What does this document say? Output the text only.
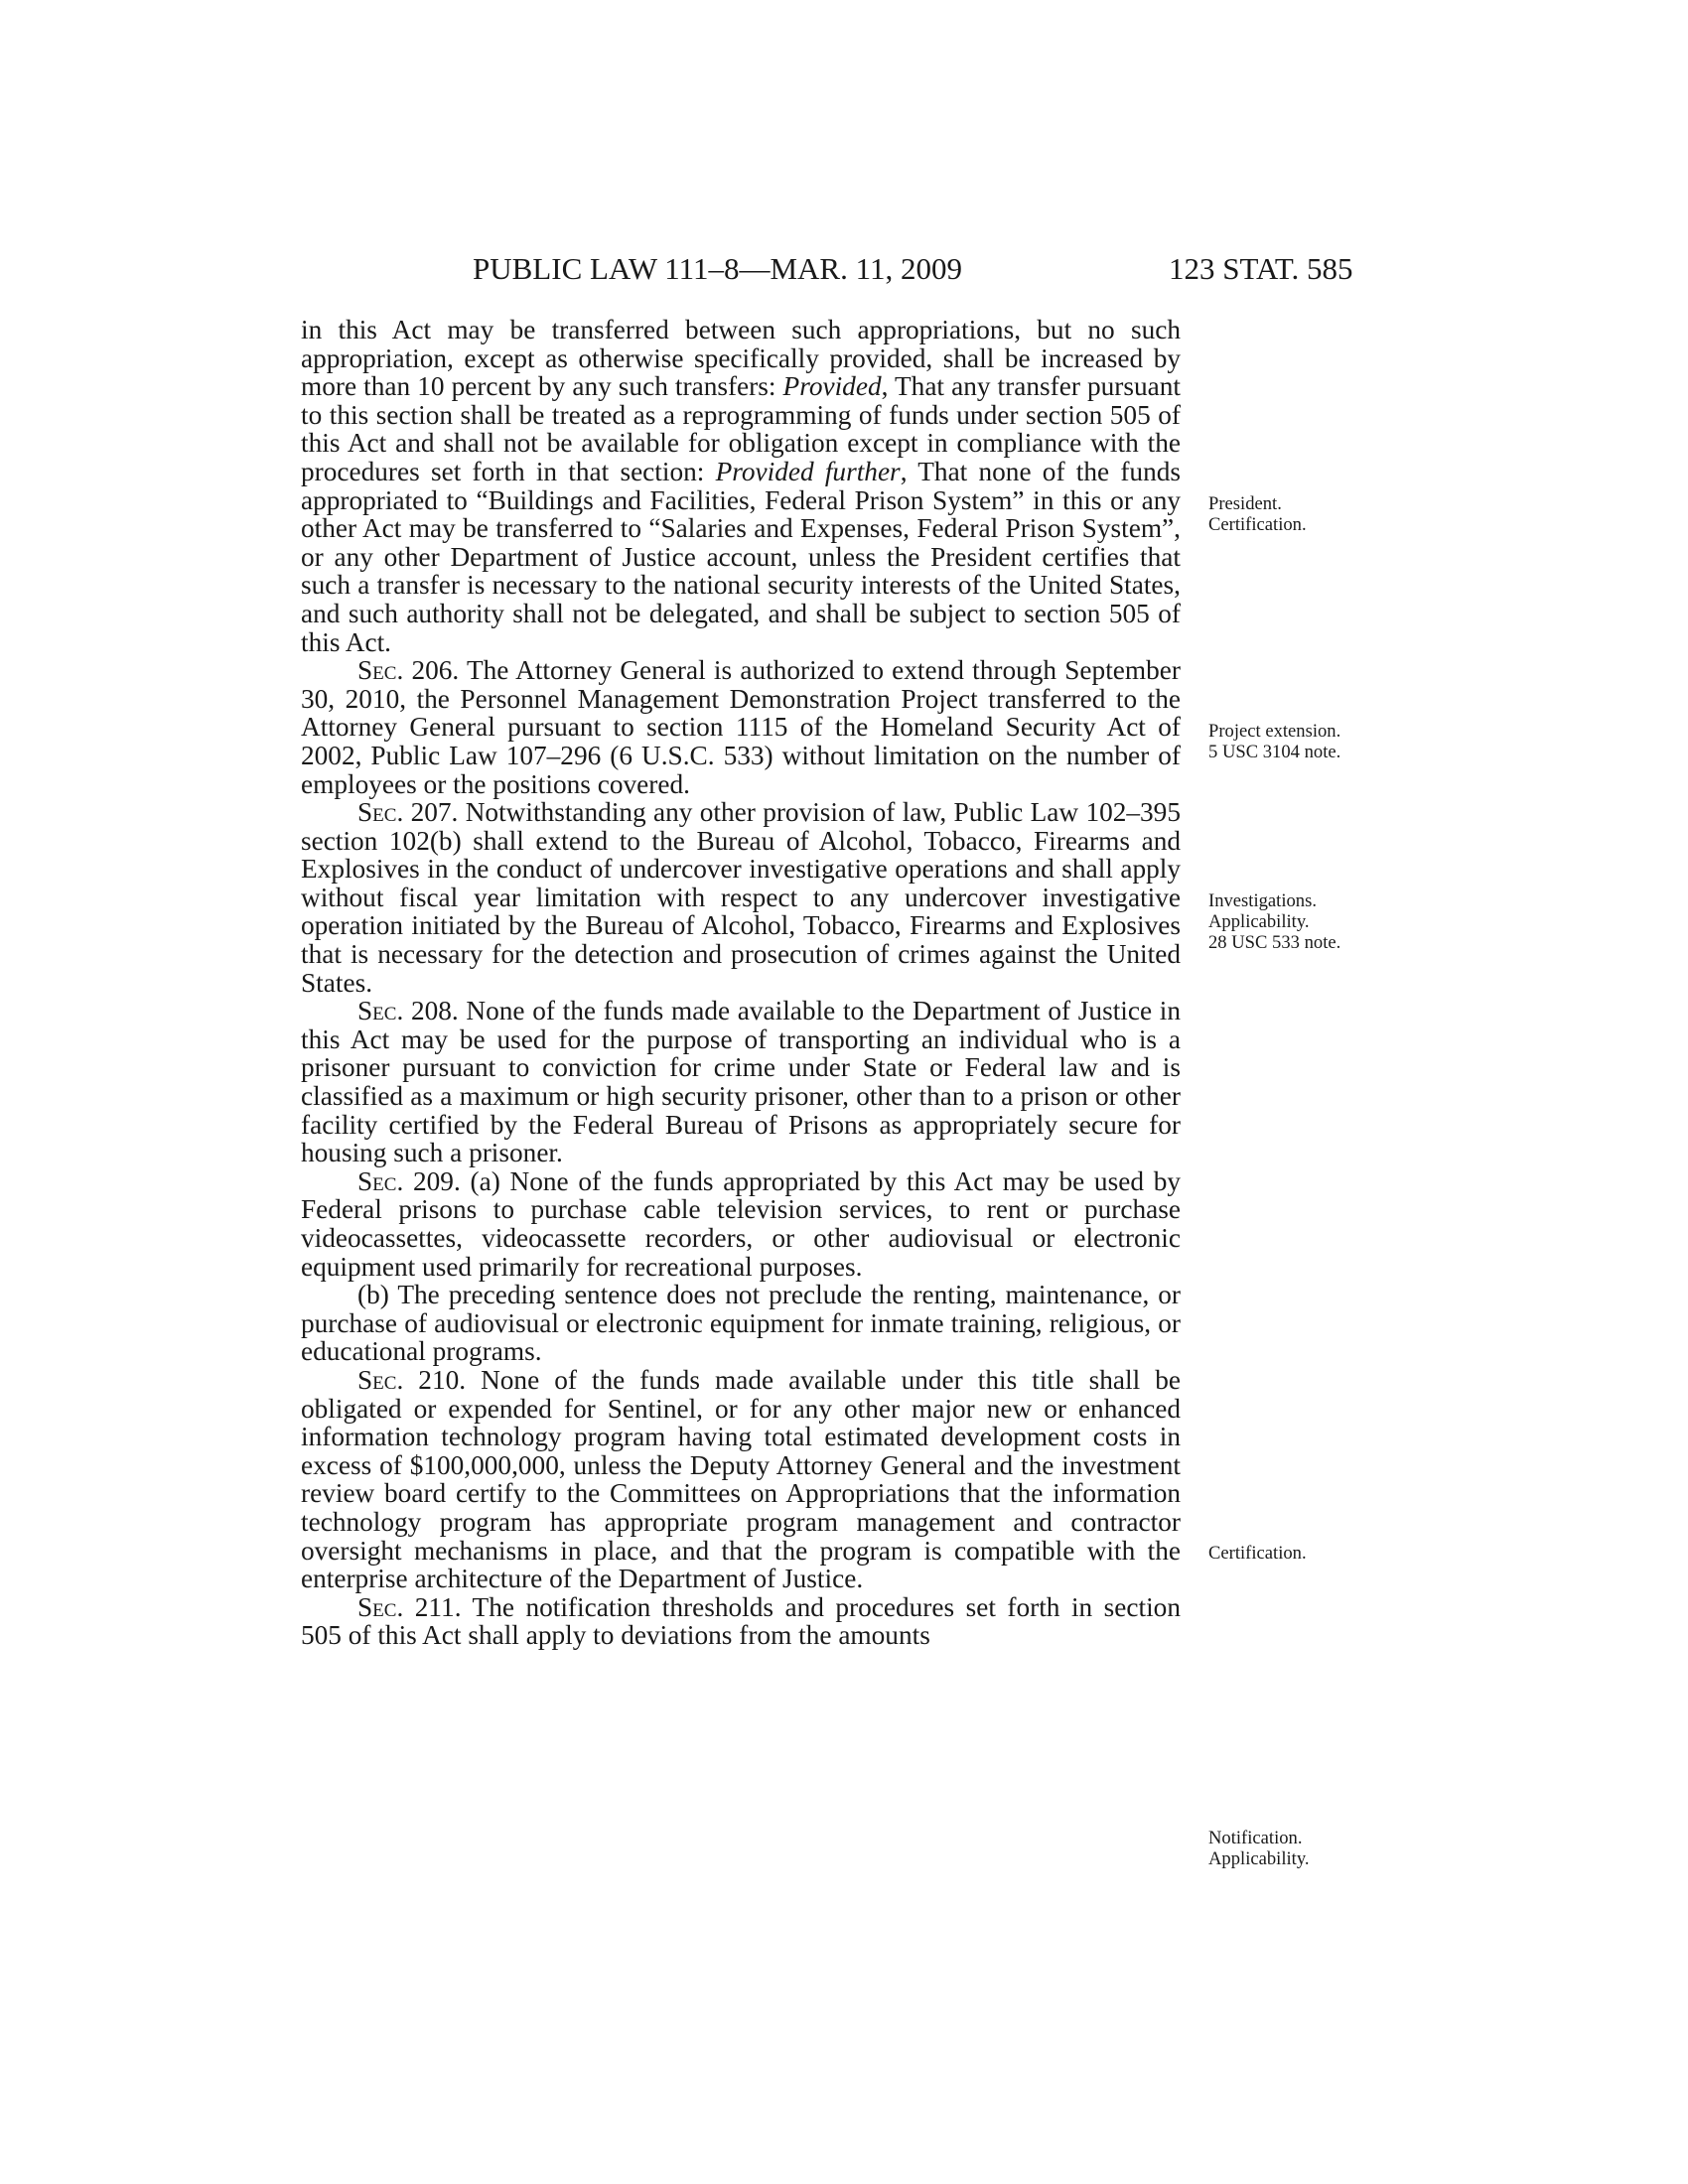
PUBLIC LAW 111–8—MAR. 11, 2009	123 STAT. 585

in this Act may be transferred between such appropriations, but no such appropriation, except as otherwise specifically provided, shall be increased by more than 10 percent by any such transfers: Provided, That any transfer pursuant to this section shall be treated as a reprogramming of funds under section 505 of this Act and shall not be available for obligation except in compliance with the procedures set forth in that section: Provided further, That none of the funds appropriated to “Buildings and Facilities, Federal Prison System” in this or any other Act may be transferred to “Salaries and Expenses, Federal Prison System”, or any other Department of Justice account, unless the President certifies that such a transfer is necessary to the national security interests of the United States, and such authority shall not be delegated, and shall be subject to section 505 of this Act.

Sec. 206. The Attorney General is authorized to extend through September 30, 2010, the Personnel Management Demonstration Project transferred to the Attorney General pursuant to section 1115 of the Homeland Security Act of 2002, Public Law 107–296 (6 U.S.C. 533) without limitation on the number of employees or the positions covered.

Sec. 207. Notwithstanding any other provision of law, Public Law 102–395 section 102(b) shall extend to the Bureau of Alcohol, Tobacco, Firearms and Explosives in the conduct of undercover investigative operations and shall apply without fiscal year limitation with respect to any undercover investigative operation initiated by the Bureau of Alcohol, Tobacco, Firearms and Explosives that is necessary for the detection and prosecution of crimes against the United States.

Sec. 208. None of the funds made available to the Department of Justice in this Act may be used for the purpose of transporting an individual who is a prisoner pursuant to conviction for crime under State or Federal law and is classified as a maximum or high security prisoner, other than to a prison or other facility certified by the Federal Bureau of Prisons as appropriately secure for housing such a prisoner.

Sec. 209. (a) None of the funds appropriated by this Act may be used by Federal prisons to purchase cable television services, to rent or purchase videocassettes, videocassette recorders, or other audiovisual or electronic equipment used primarily for recreational purposes.

(b) The preceding sentence does not preclude the renting, maintenance, or purchase of audiovisual or electronic equipment for inmate training, religious, or educational programs.

Sec. 210. None of the funds made available under this title shall be obligated or expended for Sentinel, or for any other major new or enhanced information technology program having total estimated development costs in excess of $100,000,000, unless the Deputy Attorney General and the investment review board certify to the Committees on Appropriations that the information technology program has appropriate program management and contractor oversight mechanisms in place, and that the program is compatible with the enterprise architecture of the Department of Justice.

Sec. 211. The notification thresholds and procedures set forth in section 505 of this Act shall apply to deviations from the amounts

President.
Certification.
Project extension.
5 USC 3104 note.
Investigations.
Applicability.
28 USC 533 note.
Certification.
Notification.
Applicability.
